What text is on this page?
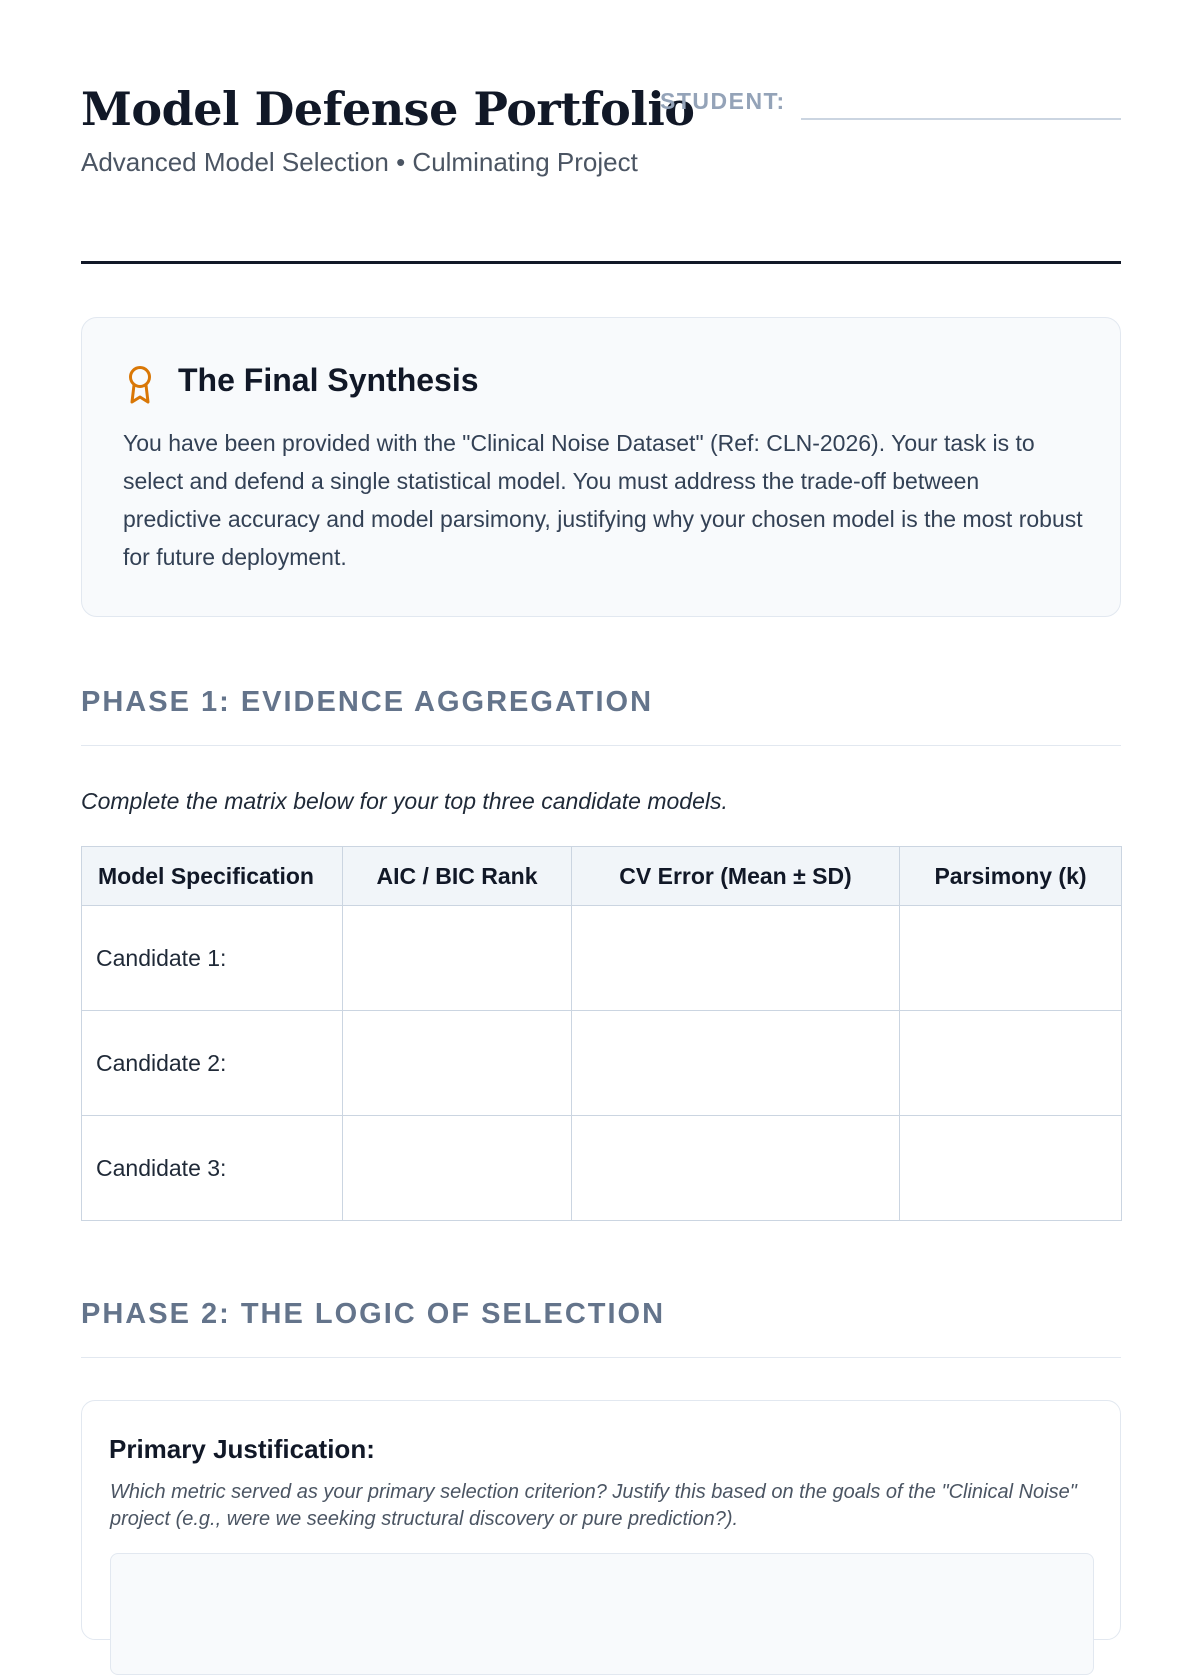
Model Defense Portfolio
Advanced Model Selection • Culminating Project
STUDENT:
The Final Synthesis
You have been provided with the "Clinical Noise Dataset" (Ref: CLN-2026). Your task is to select and defend a single statistical model. You must address the trade-off between predictive accuracy and model parsimony, justifying why your chosen model is the most robust for future deployment.
PHASE 1: EVIDENCE AGGREGATION
Complete the matrix below for your top three candidate models.
Model Specification	AIC / BIC Rank	CV Error (Mean ± SD)	Parsimony (k)
Candidate 1:			
Candidate 2:			
Candidate 3:			
PHASE 2: THE LOGIC OF SELECTION
Primary Justification:
Which metric served as your primary selection criterion? Justify this based on the goals of the "Clinical Noise" project (e.g., were we seeking structural discovery or pure prediction?).
